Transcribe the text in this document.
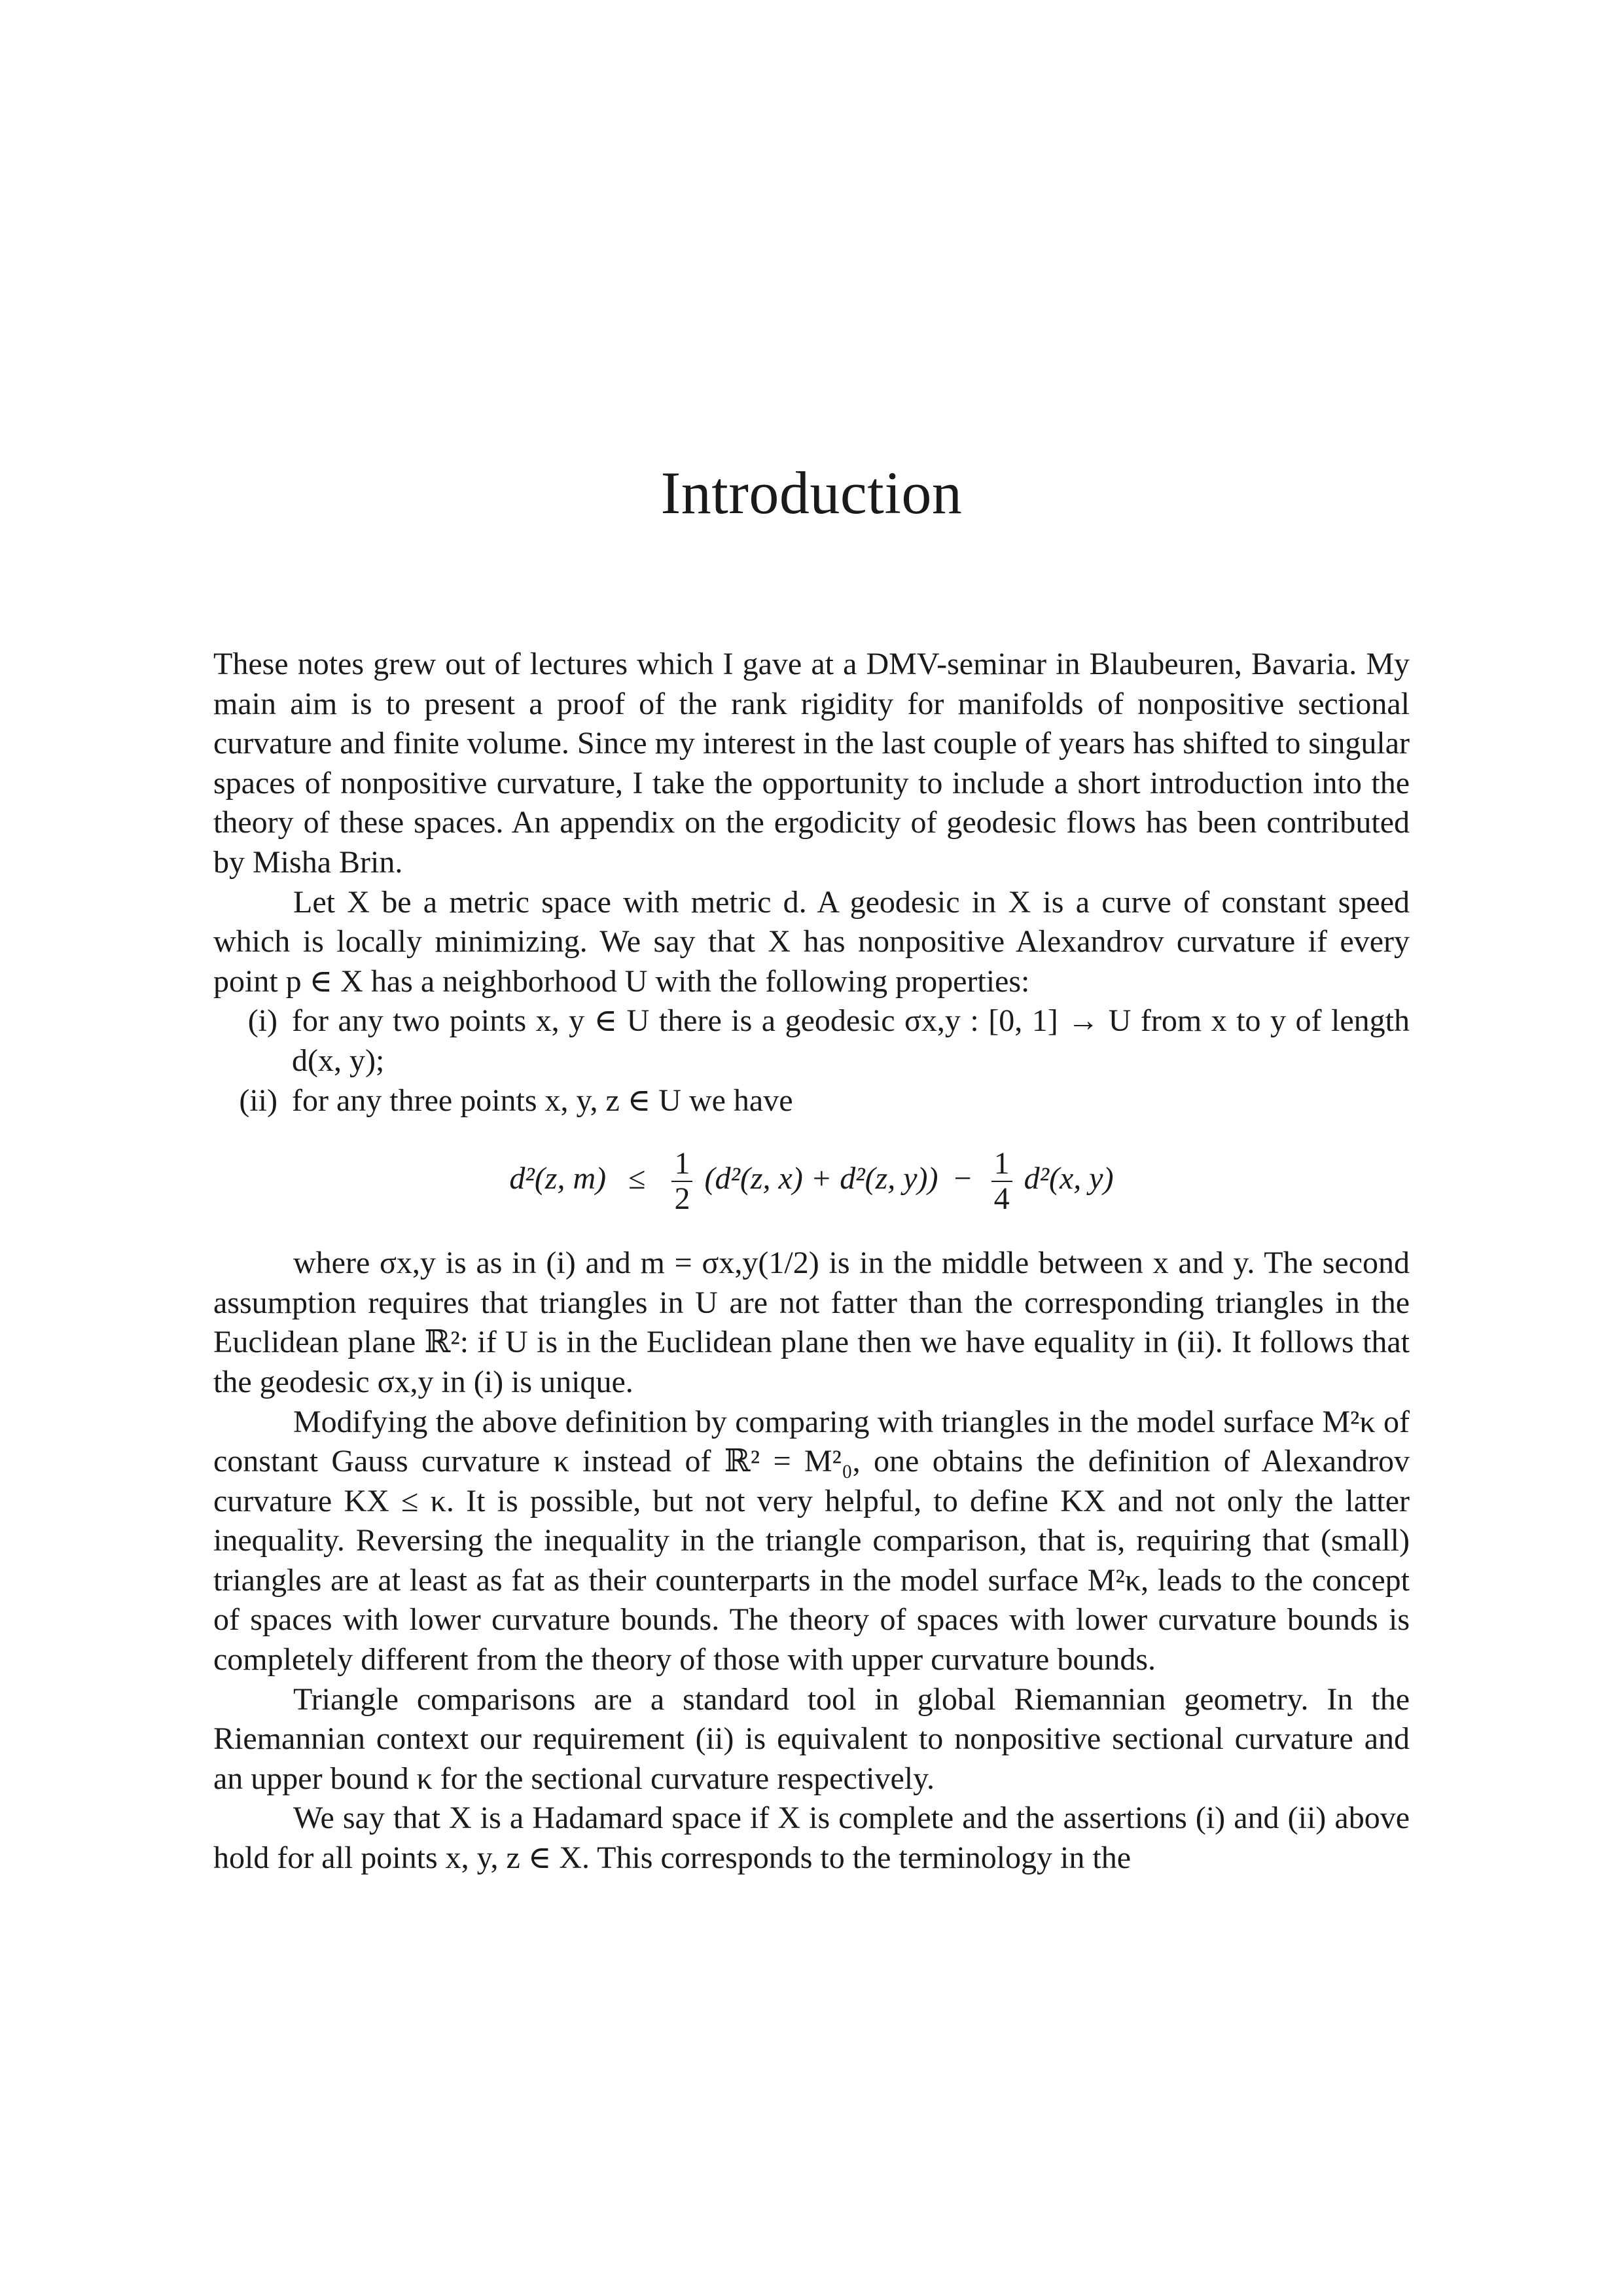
Introduction

These notes grew out of lectures which I gave at a DMV-seminar in Blaubeuren, Bavaria. My main aim is to present a proof of the rank rigidity for manifolds of nonpositive sectional curvature and finite volume. Since my interest in the last couple of years has shifted to singular spaces of nonpositive curvature, I take the opportunity to include a short introduction into the theory of these spaces. An appendix on the ergodicity of geodesic flows has been contributed by Misha Brin.

Let X be a metric space with metric d. A geodesic in X is a curve of constant speed which is locally minimizing. We say that X has nonpositive Alexandrov curvature if every point p ∈ X has a neighborhood U with the following properties:

(i) for any two points x, y ∈ U there is a geodesic σx,y : [0, 1] → U from x to y of length d(x, y);
(ii) for any three points x, y, z ∈ U we have
d²(z, $m) \le \frac{1}{2} (d^2(z$, x) + d²(z, $y)) - \frac{1}{4} d^2(x$, y)

where σx,y is as in (i) and m = σx,y(1/2) is in the middle between x and y. The second assumption requires that triangles in U are not fatter than the corresponding triangles in the Euclidean plane ℝ²: if U is in the Euclidean plane then we have equality in (ii). It follows that the geodesic σx,y in (i) is unique.

Modifying the above definition by comparing with triangles in the model surface M²κ of constant Gauss curvature κ instead of ℝ² = M²₀, one obtains the definition of Alexandrov curvature KX ≤ κ. It is possible, but not very helpful, to define KX and not only the latter inequality. Reversing the inequality in the triangle comparison, that is, requiring that (small) triangles are at least as fat as their counterparts in the model surface M²κ, leads to the concept of spaces with lower curvature bounds. The theory of spaces with lower curvature bounds is completely different from the theory of those with upper curvature bounds.

Triangle comparisons are a standard tool in global Riemannian geometry. In the Riemannian context our requirement (ii) is equivalent to nonpositive sectional curvature and an upper bound κ for the sectional curvature respectively.

We say that X is a Hadamard space if X is complete and the assertions (i) and (ii) above hold for all points x, y, z ∈ X. This corresponds to the terminology in the
